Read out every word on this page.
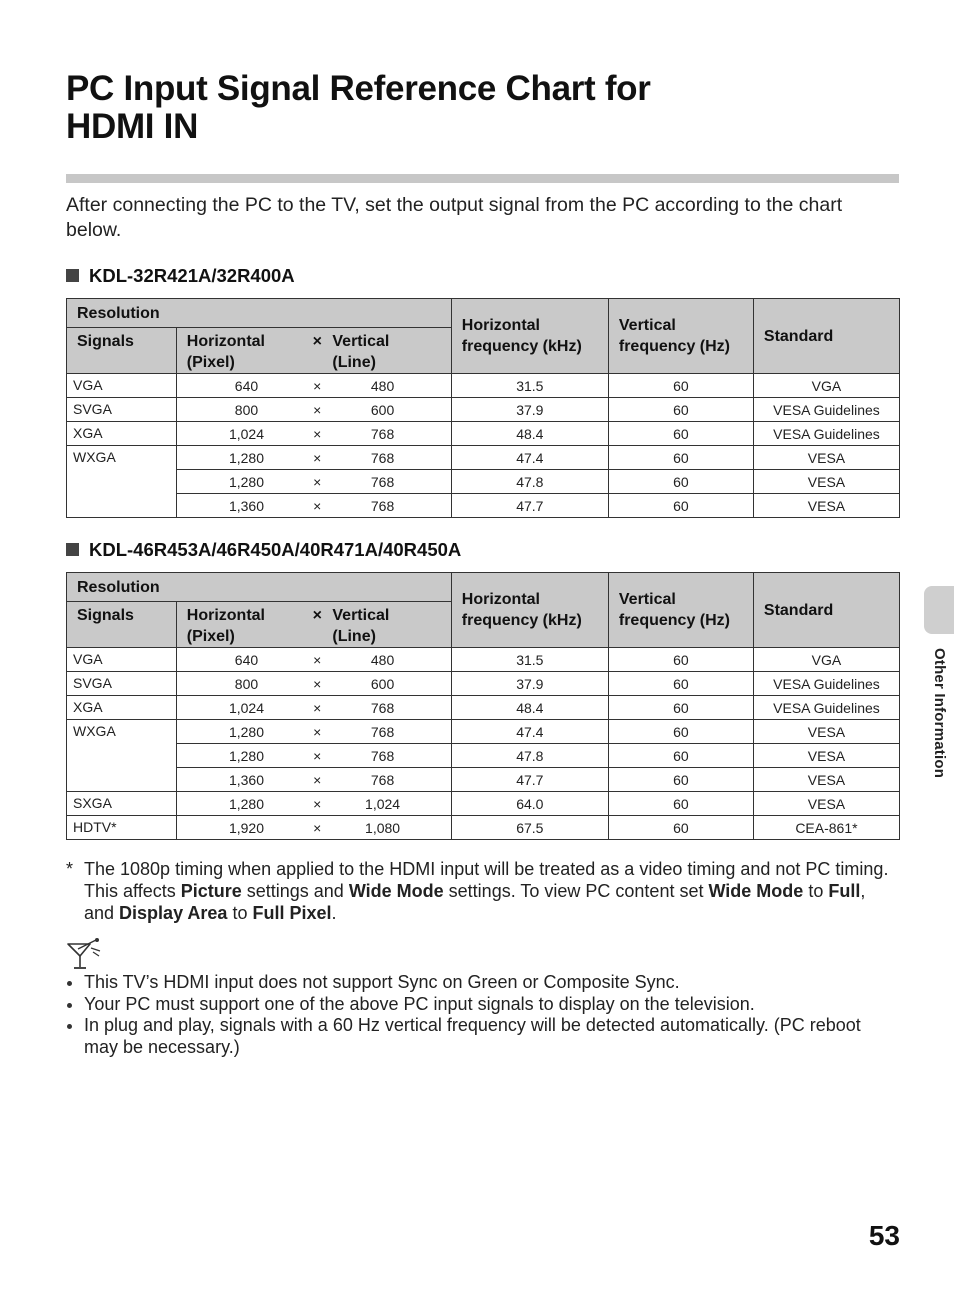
PC Input Signal Reference Chart for
HDMI IN

After connecting the PC to the TV, set the output signal from the PC according to the chart below.

KDL-32R421A/32R400A
Resolution				Horizontal
frequency (kHz)	Vertical
frequency (Hz)	Standard
Signals	Horizontal
(Pixel)	×	Vertical
(Line)			
VGA	640	×	480	31.5	60	VGA
SVGA	800	×	600	37.9	60	VESA Guidelines
XGA	1,024	×	768	48.4	60	VESA Guidelines
WXGA	1,280	×	768	47.4	60	VESA
	1,280	×	768	47.8	60	VESA
	1,360	×	768	47.7	60	VESA
KDL-46R453A/46R450A/40R471A/40R450A
Resolution				Horizontal
frequency (kHz)	Vertical
frequency (Hz)	Standard
Signals	Horizontal
(Pixel)	×	Vertical
(Line)			
VGA	640	×	480	31.5	60	VGA
SVGA	800	×	600	37.9	60	VESA Guidelines
XGA	1,024	×	768	48.4	60	VESA Guidelines
WXGA	1,280	×	768	47.4	60	VESA
	1,280	×	768	47.8	60	VESA
	1,360	×	768	47.7	60	VESA
SXGA	1,280	×	1,024	64.0	60	VESA
HDTV*	1,920	×	1,080	67.5	60	CEA-861*
* The 1080p timing when applied to the HDMI input will be treated as a video timing and not PC timing. This affects Picture settings and Wide Mode settings. To view PC content set Wide Mode to Full, and Display Area to Full Pixel.
This TV’s HDMI input does not support Sync on Green or Composite Sync.
Your PC must support one of the above PC input signals to display on the television.
In plug and play, signals with a 60 Hz vertical frequency will be detected automatically. (PC reboot may be necessary.)
Other Information
53
